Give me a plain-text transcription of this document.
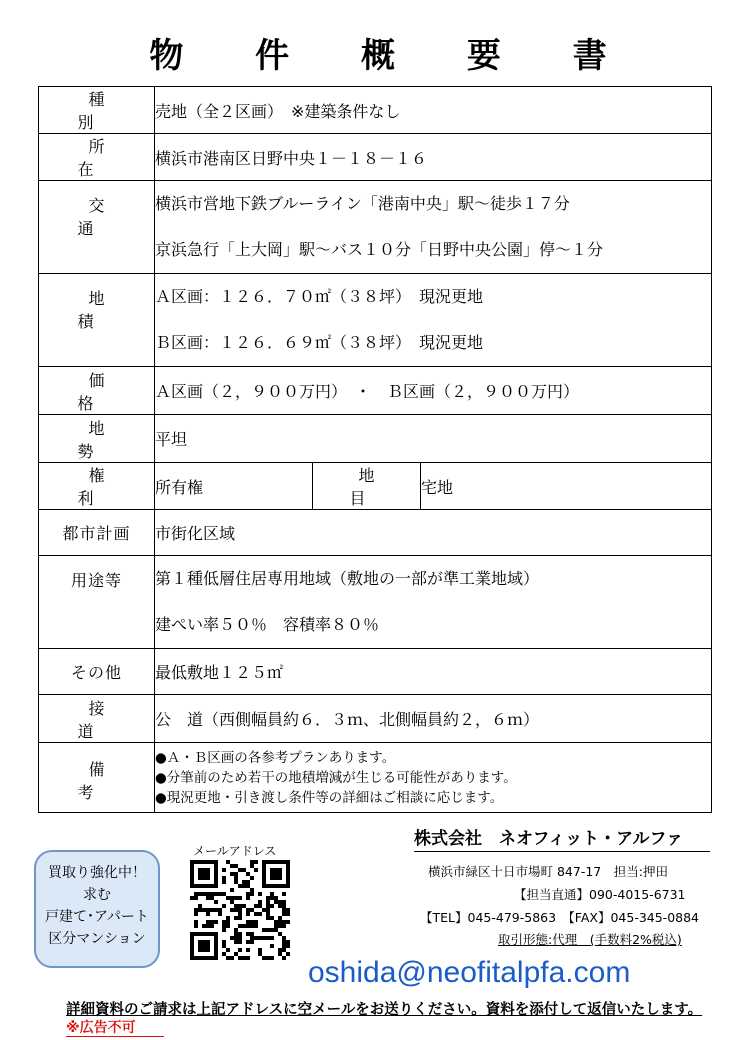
物 件 概 要 書
種 別	売地（全２区画）　※建築条件なし		
所 在	横浜市港南区日野中央１－１８－１６		
交 通	横浜市営地下鉄ブルーライン「港南中央」駅～徒歩１７分
京浜急行「上大岡」駅～バス１０分「日野中央公園」停～１分		

地 積	Ａ区画：１２６．７０㎡（３８坪）　現況更地
Ｂ区画：１２６．６９㎡（３８坪）　現況更地		

価 格	Ａ区画（２，９００万円）　・　Ｂ区画（２，９００万円）		
地 勢	平坦		
権 利	所有権	地 目	宅地
都市計画	市街化区域		
用途等	第１種低層住居専用地域（敷地の一部が準工業地域）
建ぺい率５０％　容積率８０％		

その他	最低敷地１２５㎡		
接 道	公　道（西側幅員約６．３ｍ、北側幅員約２，６ｍ）		
備 考	●Ａ・Ｂ区画の各参考プランあります。
●分筆前のため若干の地積増減が生じる可能性があります。
●現況更地・引き渡し条件等の詳細はご相談に応じます。		
株式会社　ネオフィット・アルファ
横浜市緑区十日市場町 847-17　担当:押田
【担当直通】090-4015-6731
【TEL】045-479-5863　【FAX】045-345-0884
取引形態:代理　(手数料2%税込)
買取り強化中！
求む
戸建て･アパート
区分マンション
メールアドレス
oshida@neofitalpfa.com
詳細資料のご請求は上記アドレスに空メールをお送りください。資料を添付して返信いたします。
※広告不可
